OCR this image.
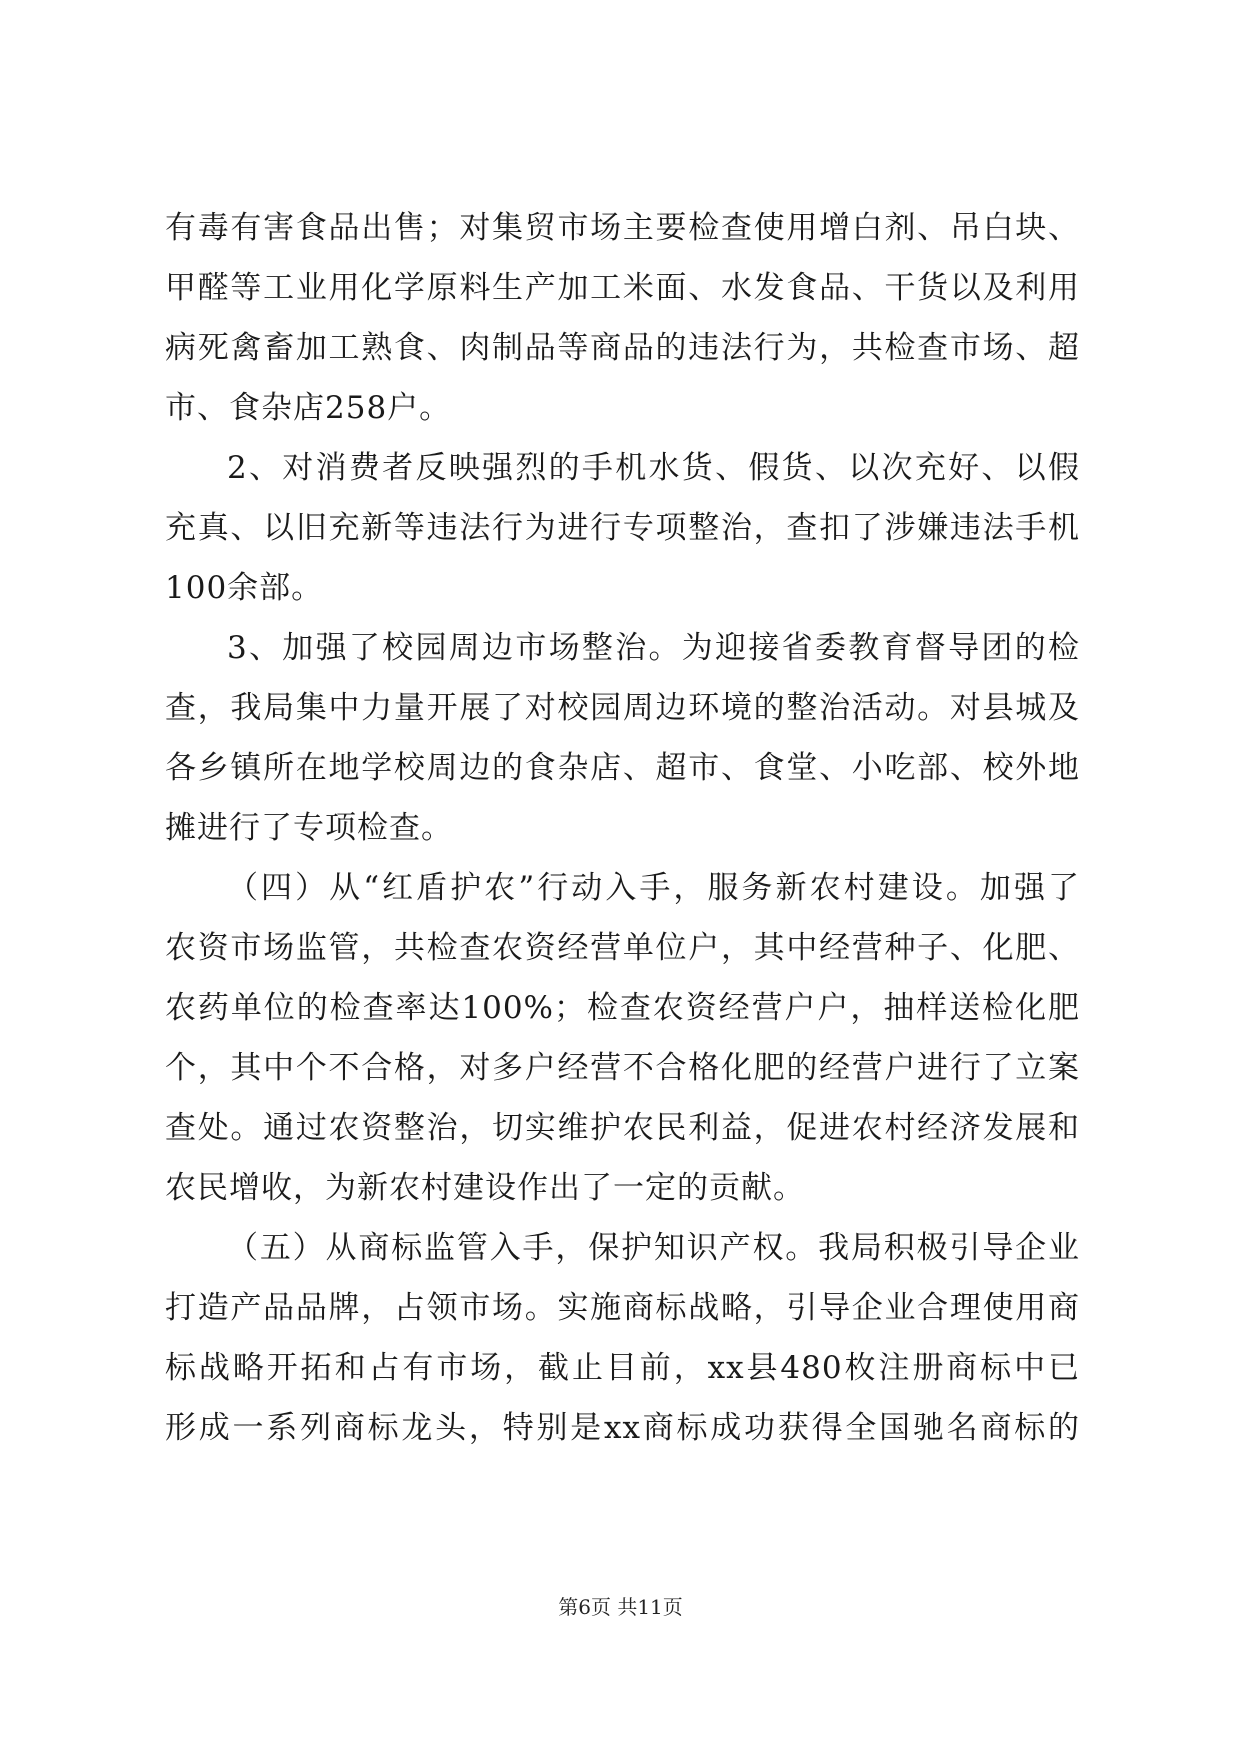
有毒有害食品出售；对集贸市场主要检查使用增白剂、吊白块、
甲醛等工业用化学原料生产加工米面、水发食品、干货以及利用
病死禽畜加工熟食、肉制品等商品的违法行为，共检查市场、超
市、食杂店258户。
2、对消费者反映强烈的手机水货、假货、以次充好、以假
充真、以旧充新等违法行为进行专项整治，查扣了涉嫌违法手机
100余部。
3、加强了校园周边市场整治。为迎接省委教育督导团的检
查，我局集中力量开展了对校园周边环境的整治活动。对县城及
各乡镇所在地学校周边的食杂店、超市、食堂、小吃部、校外地
摊进行了专项检查。
（四）从“红盾护农”行动入手，服务新农村建设。加强了
农资市场监管，共检查农资经营单位户，其中经营种子、化肥、
农药单位的检查率达100%；检查农资经营户户，抽样送检化肥
个，其中个不合格，对多户经营不合格化肥的经营户进行了立案
查处。通过农资整治，切实维护农民利益，促进农村经济发展和
农民增收，为新农村建设作出了一定的贡献。
（五）从商标监管入手，保护知识产权。我局积极引导企业
打造产品品牌，占领市场。实施商标战略，引导企业合理使用商
标战略开拓和占有市场，截止目前，xx县480枚注册商标中已
形成一系列商标龙头，特别是xx商标成功获得全国驰名商标的
第6页 共11页
